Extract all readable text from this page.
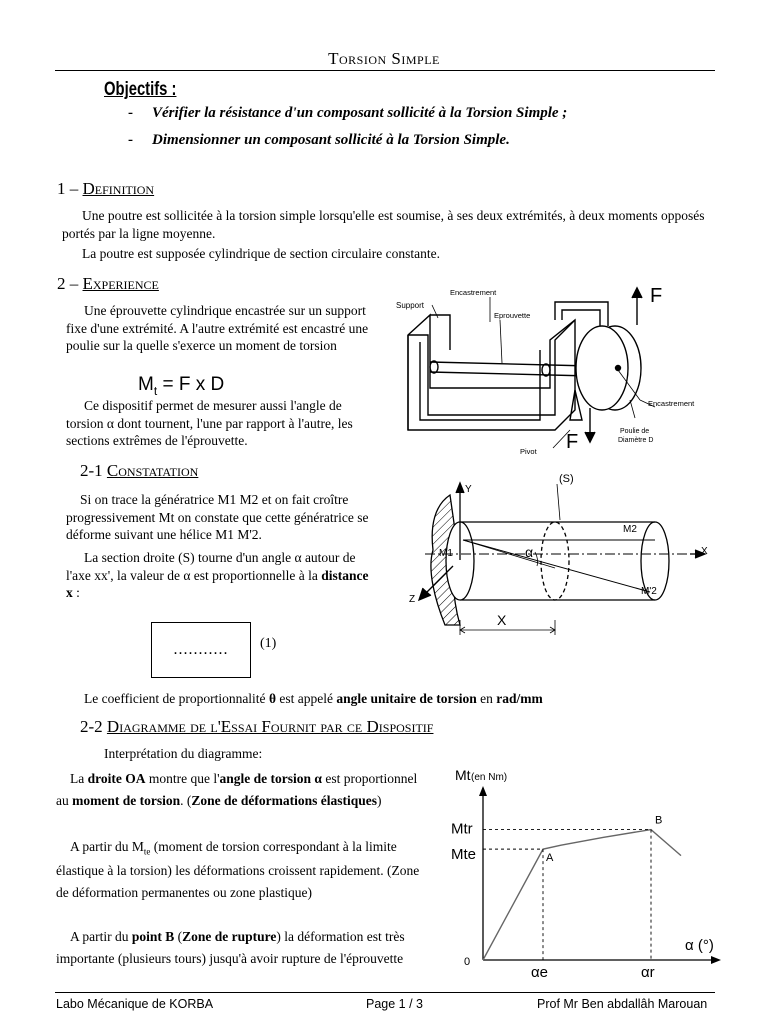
Torsion Simple
Objectifs :
- Vérifier la résistance d'un composant sollicité à la Torsion Simple ;
- Dimensionner un composant sollicité à la Torsion Simple.
1 – Definition
Une poutre est sollicitée à la torsion simple lorsqu'elle est soumise, à ses deux extrémités, à deux moments opposés portés par la ligne moyenne.
La poutre est supposée cylindrique de section circulaire constante.
2 – Experience
Une éprouvette cylindrique encastrée sur un support fixe d'une extrémité. A l'autre extrémité est encastré une poulie sur la quelle s'exerce un moment de torsion
$M_t = F$ x D
Ce dispositif permet de mesurer aussi l'angle de torsion α dont tournent, l'une par rapport à l'autre, les sections extrêmes de l'éprouvette.
Support
Encastrement
Eprouvette
F
Encastrement
Poulie de
Diamètre D
Pivot F
2-1 Constatation
Si on trace la génératrice M1 M2 et on fait croître progressivement Mt on constate que cette génératrice se déforme suivant une hélice M1 M'2.
La section droite (S) tourne d'un angle α autour de l'axe xx', la valeur de α est proportionnelle à la distance x :
...........	(1)
Le coefficient de proportionnalité θ est appelé angle unitaire de torsion en rad/mm
Y
(S)
M2
M1	α	X
Z
M'2
X
2-2 Diagramme de l'Essai Fournit par ce Dispositif
Interprétation du diagramme:
La droite OA montre que l'angle de torsion α est proportionnel au moment de torsion. (Zone de déformations élastiques)
A partir du $M_{te}$ (moment de torsion correspondant à la limite élastique à la torsion) les déformations croissent rapidement. (Zone de déformation permanentes ou zone plastique)
A partir du point B (Zone de rupture) la déformation est très importante (plusieurs tours) jusqu'à avoir rupture de l'éprouvette
Mt (en Nm)
α (°)
0
Mtr
Mte
αe	αr
A
B
Labo Mécanique de KORBA	Page 1 / 3	Prof Mr Ben abdallâh Marouan
